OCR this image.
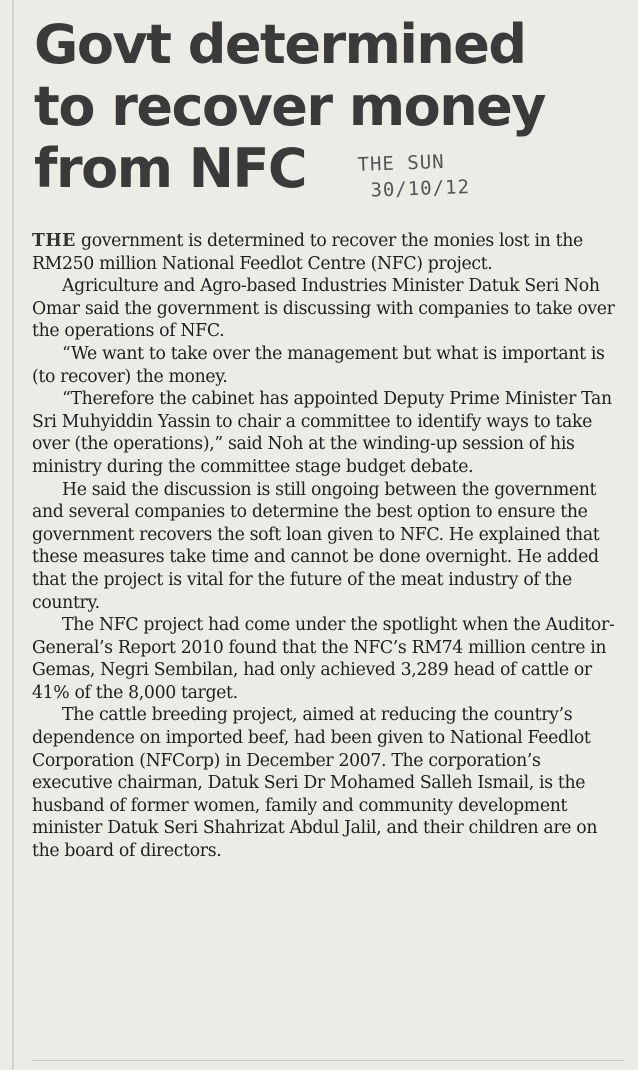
Govt determined
to recover money
from NFC	THE SUN
30/10/12

THE government is determined to recover the monies lost in the RM250 million National Feedlot Centre (NFC) project.

Agriculture and Agro-based Industries Minister Datuk Seri Noh Omar said the government is discussing with companies to take over the operations of NFC.

“We want to take over the management but what is important is (to recover) the money.

“Therefore the cabinet has appointed Deputy Prime Minister Tan Sri Muhyiddin Yassin to chair a committee to identify ways to take over (the operations),” said Noh at the winding-up session of his ministry during the committee stage budget debate.

He said the discussion is still ongoing between the government and several companies to determine the best option to ensure the government recovers the soft loan given to NFC. He explained that these measures take time and cannot be done overnight. He added that the project is vital for the future of the meat industry of the country.

The NFC project had come under the spotlight when the Auditor-General’s Report 2010 found that the NFC’s RM74 million centre in Gemas, Negri Sembilan, had only achieved 3,289 head of cattle or 41% of the 8,000 target.

The cattle breeding project, aimed at reducing the country’s dependence on imported beef, had been given to National Feedlot Corporation (NFCorp) in December 2007. The corporation’s executive chairman, Datuk Seri Dr Mohamed Salleh Ismail, is the husband of former women, family and community development minister Datuk Seri Shahrizat Abdul Jalil, and their children are on the board of directors.
